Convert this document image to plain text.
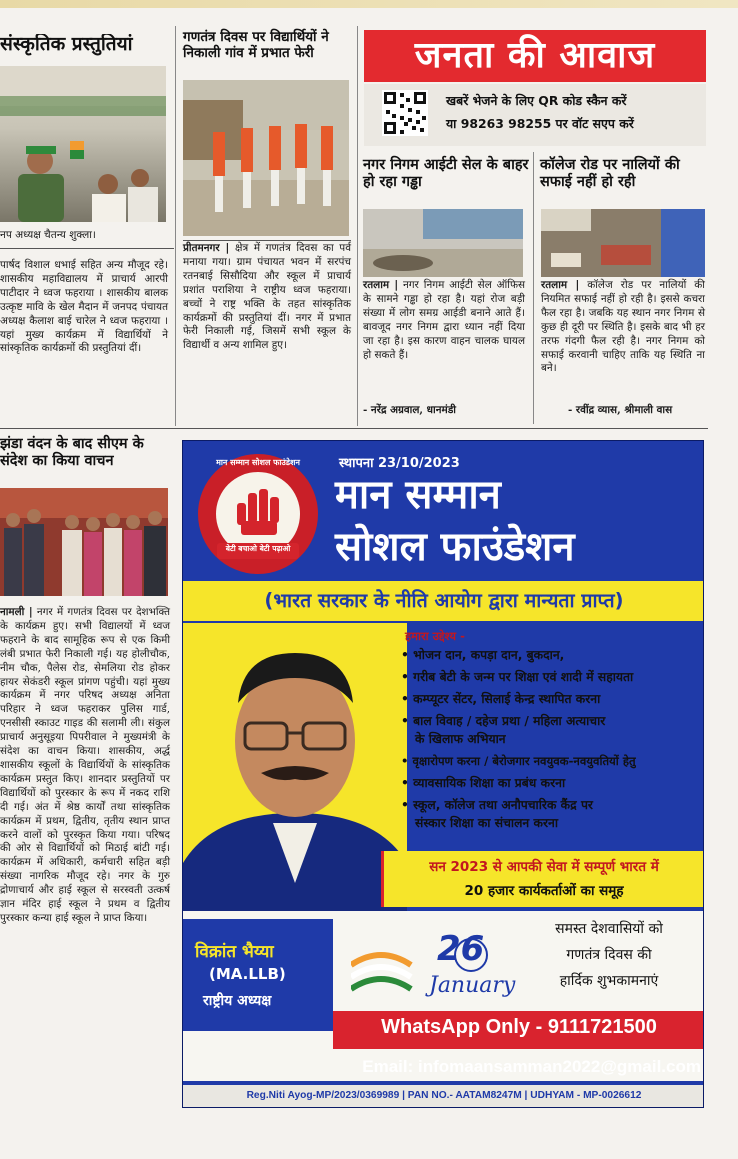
संस्कृतिक प्रस्तुतियां
नप अध्यक्ष चैतन्य शुक्ला।
पार्षद विशाल धभाई सहित अन्य मौजूद रहे। शासकीय महाविद्यालय में प्राचार्य आरपी पाटीदार ने ध्वज फहराया । शासकीय बालक उत्कृष्ट मावि के खेल मैदान में जनपद पंचायत अध्यक्ष कैलाश बाई चारेल ने ध्वज फहराया । यहां मुख्य कार्यक्रम में विद्यार्थियों ने सांस्कृतिक कार्यक्रमों की प्रस्तुतियां दीं।
गणतंत्र दिवस पर विद्यार्थियों ने निकाली गांव में प्रभात फेरी
प्रीतमनगर | क्षेत्र में गणतंत्र दिवस का पर्व मनाया गया। ग्राम पंचायत भवन में सरपंच रतनबाई सिसौदिया और स्कूल में प्राचार्य प्रशांत पराशिया ने राष्ट्रीय ध्वज फहराया। बच्चों ने राष्ट्र भक्ति के तहत सांस्कृतिक कार्यक्रमों की प्रस्तुतियां दीं। नगर में प्रभात फेरी निकाली गई, जिसमें सभी स्कूल के विद्यार्थी व अन्य शामिल हुए।
जनता की आवाज
खबरें भेजने के लिए QR कोड स्कैन करें
या 98263 98255 पर वॉट सएप करें
नगर निगम आईटी सेल के बाहर हो रहा गड्ढा
रतलाम | नगर निगम आईटी सेल ऑफिस के सामने गड्ढा हो रहा है। यहां रोज बड़ी संख्या में लोग समग्र आईडी बनाने आते हैं। बावजूद नगर निगम द्वारा ध्यान नहीं दिया जा रहा है। इस कारण वाहन चालक घायल हो सकते हैं।
- नरेंद्र अग्रवाल, धानमंडी
कॉलेज रोड पर नालियों की सफाई नहीं हो रही
रतलाम | कॉलेज रोड पर नालियों की नियमित सफाई नहीं हो रही है। इससे कचरा फैल रहा है। जबकि यह स्थान नगर निगम से कुछ ही दूरी पर स्थिति है। इसके बाद भी हर तरफ गंदगी फैल रही है। नगर निगम को सफाई करवानी चाहिए ताकि यह स्थिति ना बने।
- रवींद्र व्यास, श्रीमाली वास
झंडा वंदन के बाद सीएम के संदेश का किया वाचन
नामली | नगर में गणतंत्र दिवस पर देशभक्ति के कार्यक्रम हुए। सभी विद्यालयों में ध्वज फहराने के बाद सामूहिक रूप से एक किमी लंबी प्रभात फेरी निकाली गई। यह होलीचौक, नीम चौक, पैलेस रोड, सेमलिया रोड होकर हायर सेकंडरी स्कूल प्रांगण पहुंची। यहां मुख्य कार्यक्रम में नगर परिषद अध्यक्ष अनिता परिहार ने ध्वज फहराकर पुलिस गार्ड, एनसीसी स्काउट गाइड की सलामी ली। संकुल प्राचार्य अनुसूइया पिपरीवाल ने मुख्यमंत्री के संदेश का वाचन किया। शासकीय, अर्द्ध शासकीय स्कूलों के विद्यार्थियों के सांस्कृतिक कार्यक्रम प्रस्तुत किए। शानदार प्रस्तुतियों पर विद्यार्थियों को पुरस्कार के रूप में नकद राशि दी गई। अंत में श्रेष्ठ कार्यों तथा सांस्कृतिक कार्यक्रम में प्रथम, द्वितीय, तृतीय स्थान प्राप्त करने वालों को पुरस्कृत किया गया। परिषद की ओर से विद्यार्थियों को मिठाई बांटी गई। कार्यक्रम में अधिकारी, कर्मचारी सहित बड़ी संख्या नागरिक मौजूद रहे। नगर के गुरु द्रोणाचार्य और हाई स्कूल से सरस्वती उत्कर्ष ज्ञान मंदिर हाई स्कूल ने प्रथम व द्वितीय पुरस्कार कन्या हाई स्कूल ने प्राप्त किया।
मान सम्मान सोशल फाउंडेशन
बेटी बचाओ बेटी पढ़ाओ
स्थापना 23/10/2023
मान सम्मान
सोशल फाउंडेशन
(भारत सरकार के नीति आयोग द्वारा मान्यता प्राप्त)
हमारा उद्देश्य -
• भोजन दान, कपड़ा दान, बुकदान,
• गरीब बेटी के जन्म पर शिक्षा एवं शादी में सहायता
• कम्प्यूटर सेंटर, सिलाई केन्द्र स्थापित करना
• बाल विवाह / दहेज प्रथा / महिला अत्याचार
के खिलाफ अभियान
• वृक्षारोपण करना / बेरोजगार नवयुवक-नवयुवतियों हेतु
• व्यावसायिक शिक्षा का प्रबंध करना
• स्कूल, कॉलेज तथा अनौपचारिक कैंद्र पर
संस्कार शिक्षा का संचालन करना
सन 2023 से आपकी सेवा में सम्पूर्ण भारत में
20 हजार कार्यकर्ताओं का समूह
विक्रांत भैय्या
(MA.LLB)
राष्ट्रीय अध्यक्ष
26
January
समस्त देशवासियों को
गणतंत्र दिवस की
हार्दिक शुभकामनाएं
WhatsApp Only - 9111721500
Email: infomaansamman2022@gmail.com
Reg.Niti Ayog-MP/2023/0369989 | PAN NO.- AATAM8247M | UDHYAM - MP-0026612
